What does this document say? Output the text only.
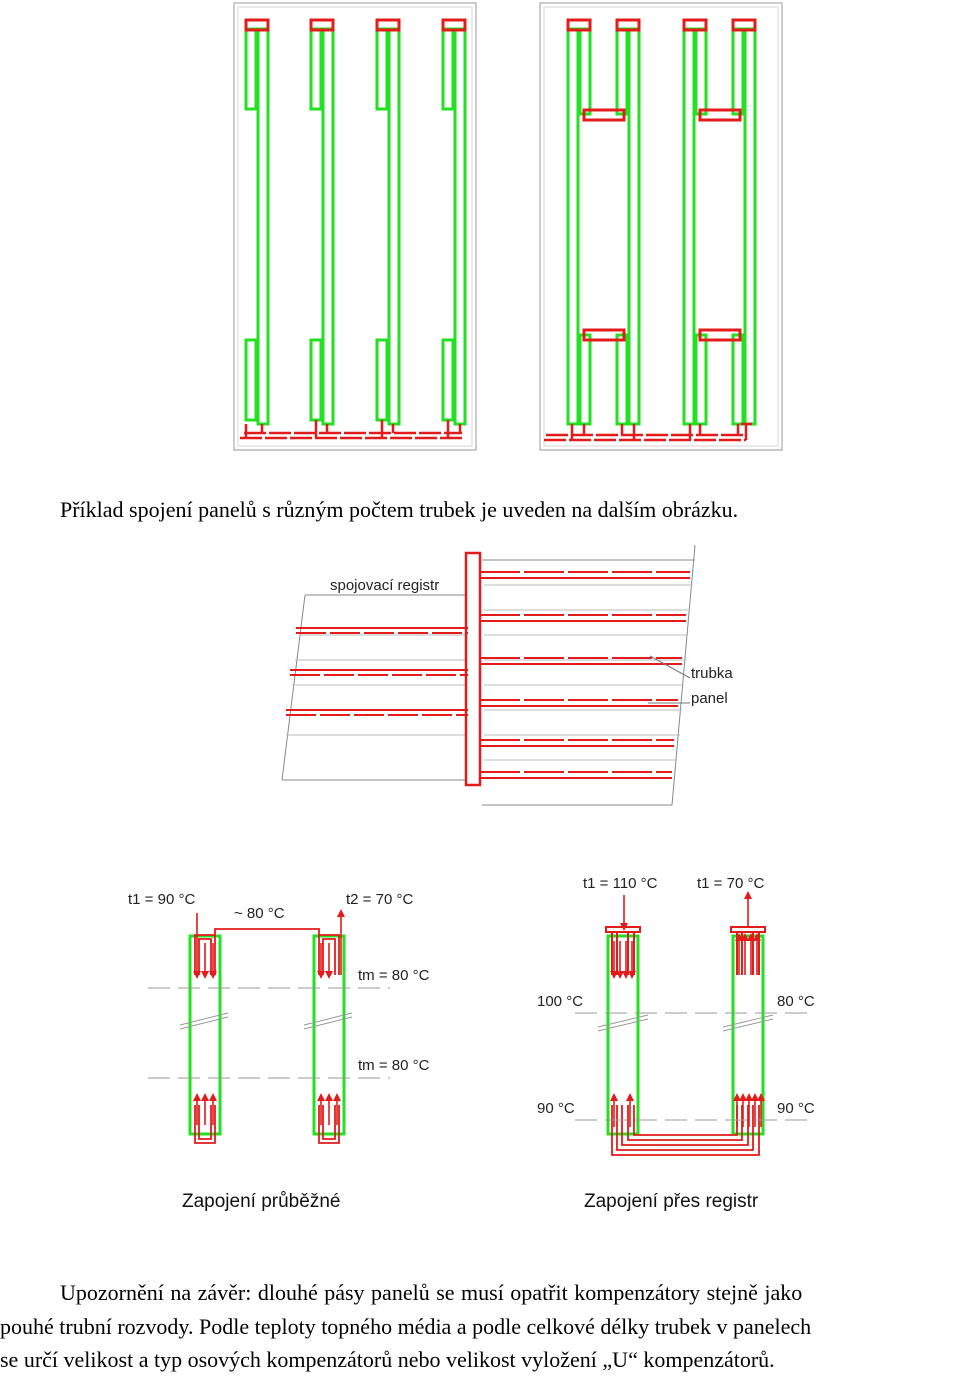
Příklad spojení panelů s různým počtem trubek je uveden na dalším obrázku.
spojovací registr
trubka
panel
t1 = 90 °C
~ 80 °C
t2 = 70 °C
tm = 80 °C
tm = 80 °C
Zapojení průběžné
t1 = 110 °C	t1 = 70 °C
100 °C	80 °C
90 °C	90 °C
Zapojení přes registr
Upozornění na závěr: dlouhé pásy panelů se musí opatřit kompenzátory stejně jako
pouhé trubní rozvody. Podle teploty topného média a podle celkové délky trubek v panelech
se určí velikost a typ osových kompenzátorů nebo velikost vyložení „U“ kompenzátorů.
